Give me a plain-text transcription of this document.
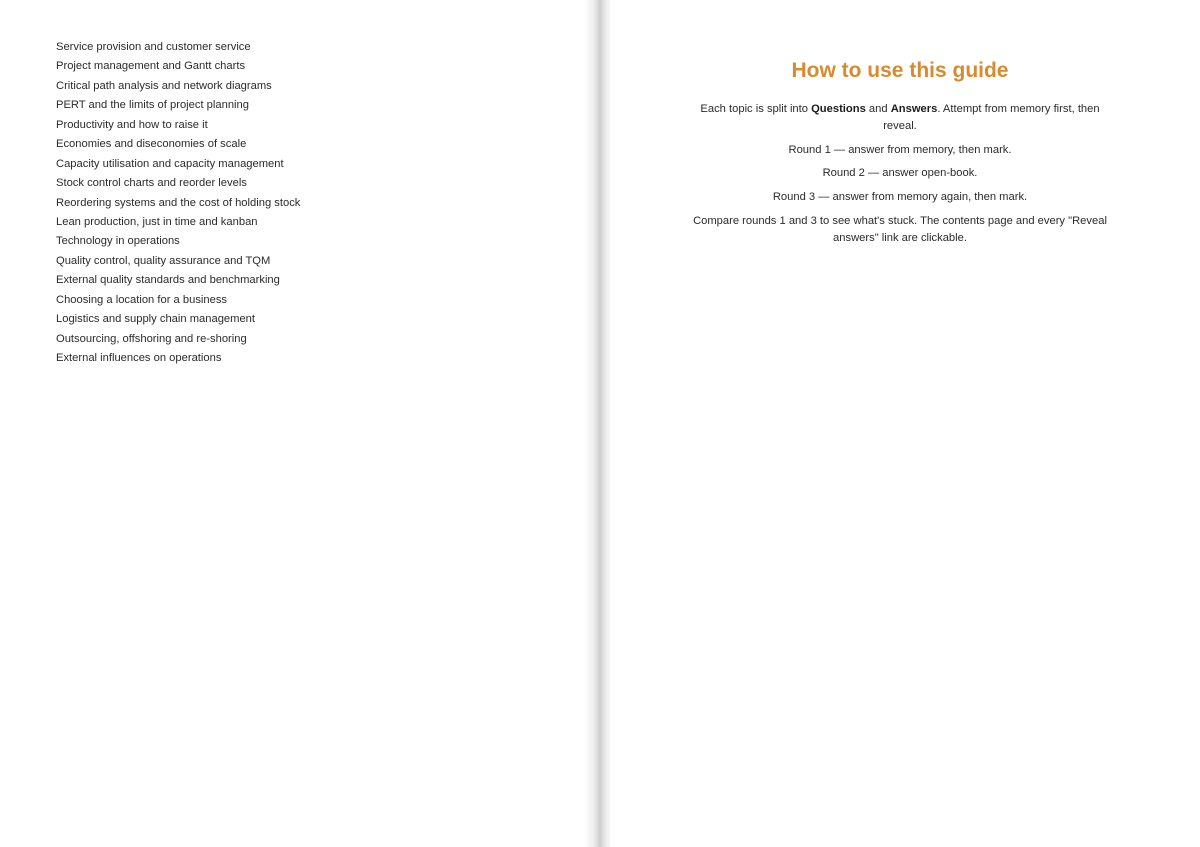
Service provision and customer service
Project management and Gantt charts
Critical path analysis and network diagrams
PERT and the limits of project planning
Productivity and how to raise it
Economies and diseconomies of scale
Capacity utilisation and capacity management
Stock control charts and reorder levels
Reordering systems and the cost of holding stock
Lean production, just in time and kanban
Technology in operations
Quality control, quality assurance and TQM
External quality standards and benchmarking
Choosing a location for a business
Logistics and supply chain management
Outsourcing, offshoring and re-shoring
External influences on operations
How to use this guide

Each topic is split into Questions and Answers. Attempt from memory first, then reveal.

Round 1 — answer from memory, then mark.

Round 2 — answer open-book.

Round 3 — answer from memory again, then mark.

Compare rounds 1 and 3 to see what's stuck. The contents page and every "Reveal answers" link are clickable.
